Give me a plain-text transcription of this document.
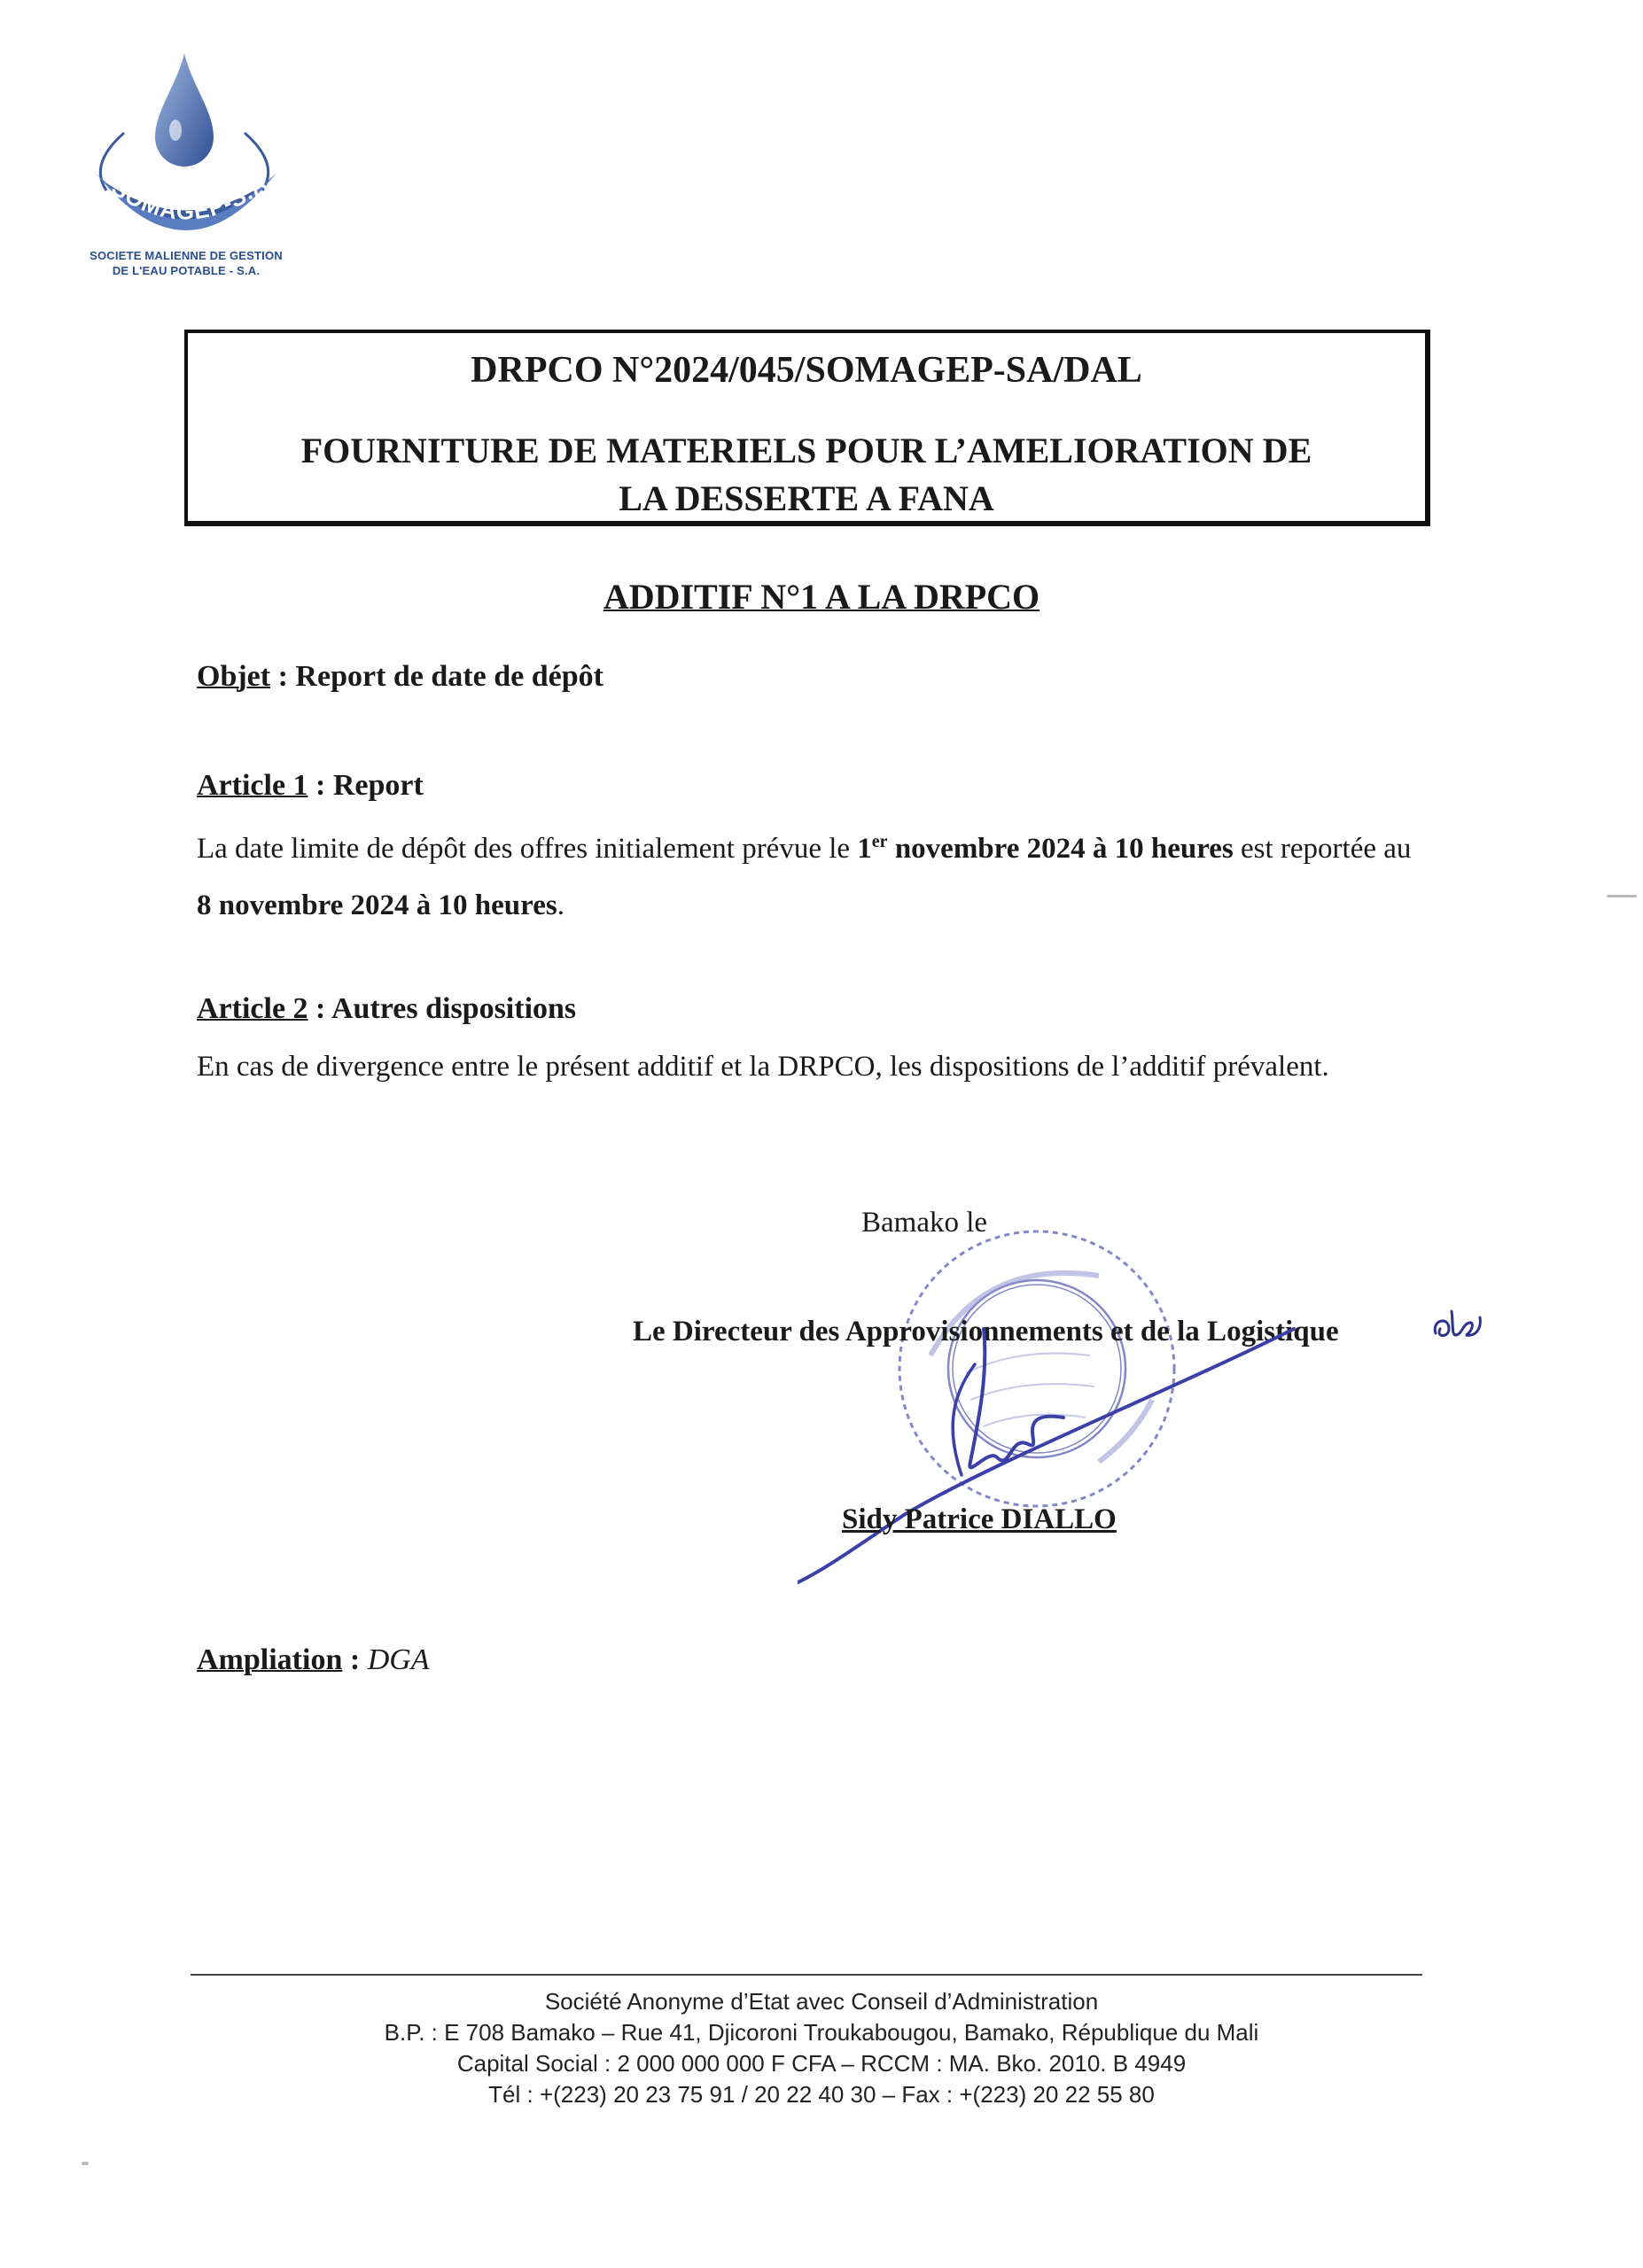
SOMAGEP-S.A.
SOCIETE MALIENNE DE GESTION
DE L'EAU POTABLE - S.A.
DRPCO N°2024/045/SOMAGEP-SA/DAL
FOURNITURE DE MATERIELS POUR L’AMELIORATION DE
LA DESSERTE A FANA
ADDITIF N°1 A LA DRPCO
Objet : Report de date de dépôt
Article 1 : Report
La date limite de dépôt des offres initialement prévue le 1er novembre 2024 à 10 heures est reportée au 8 novembre 2024 à 10 heures.
Article 2 : Autres dispositions
En cas de divergence entre le présent additif et la DRPCO, les dispositions de l’additif prévalent.
Bamako le
Le Directeur des Approvisionnements et de la Logistique
Sidy Patrice DIALLO
Ampliation : DGA
Société Anonyme d’Etat avec Conseil d’Administration
B.P. : E 708 Bamako – Rue 41, Djicoroni Troukabougou, Bamako, République du Mali
Capital Social : 2 000 000 000 F CFA – RCCM : MA. Bko. 2010. B 4949
Tél : +(223) 20 23 75 91 / 20 22 40 30 – Fax : +(223) 20 22 55 80
